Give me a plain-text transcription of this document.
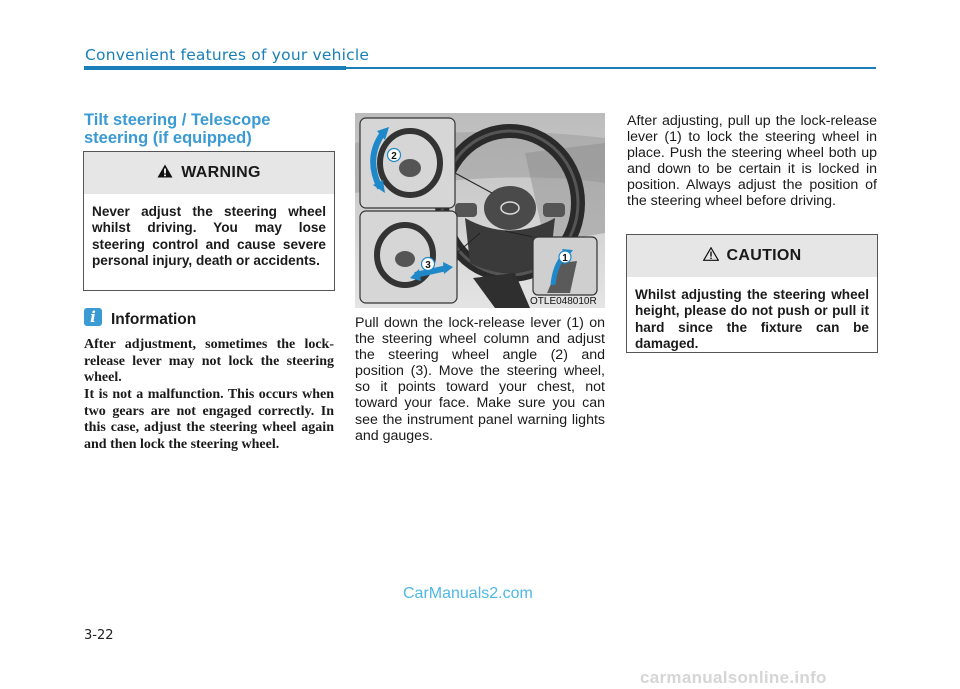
Convenient features of your vehicle
Tilt steering / Telescope steering (if equipped)
WARNING
Never adjust the steering wheel whilst driving. You may lose steering control and cause severe personal injury, death or accidents.
i Information
After adjustment, sometimes the lock-release lever may not lock the steering wheel.
It is not a malfunction. This occurs when two gears are not engaged correctly. In this case, adjust the steering wheel again and then lock the steering wheel.
2
3
1
OTLE048010R
Pull down the lock-release lever (1) on the steering wheel column and adjust the steering wheel angle (2) and position (3). Move the steering wheel, so it points toward your chest, not toward your face. Make sure you can see the instrument panel warning lights and gauges.
After adjusting, pull up the lock-release lever (1) to lock the steering wheel in place. Push the steering wheel both up and down to be certain it is locked in position. Always adjust the position of the steering wheel before driving.
CAUTION
Whilst adjusting the steering wheel height, please do not push or pull it hard since the fixture can be damaged.
CarManuals2.com
3-22
carmanualsonline.info
